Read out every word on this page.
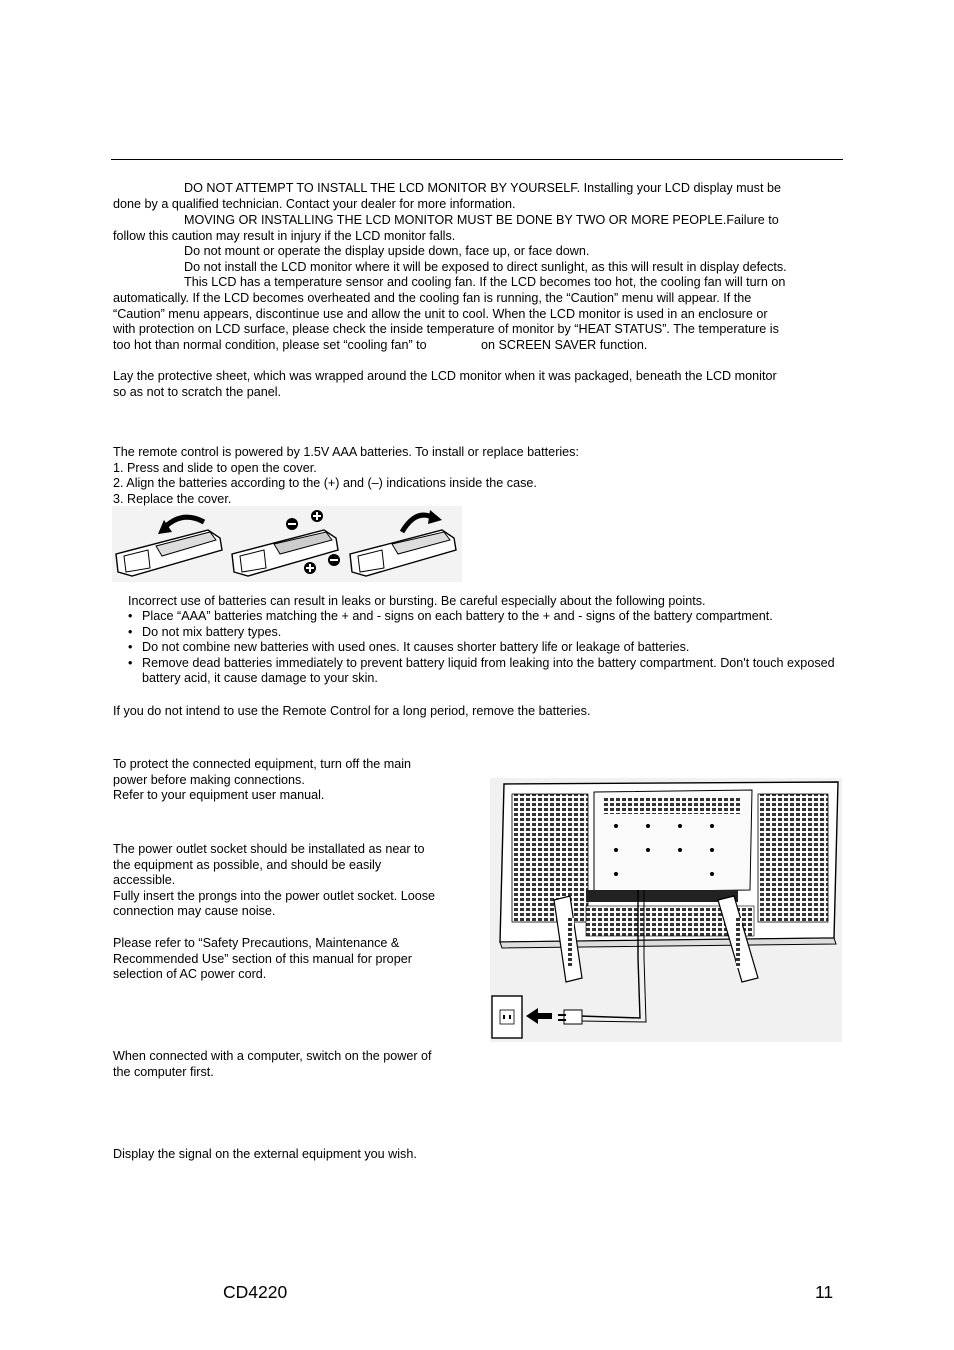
DO NOT ATTEMPT TO INSTALL THE LCD MONITOR BY YOURSELF. Installing your LCD display must be
done by a qualified technician. Contact your dealer for more information.
MOVING OR INSTALLING THE LCD MONITOR MUST BE DONE BY TWO OR MORE PEOPLE.Failure to
follow this caution may result in injury if the LCD monitor falls.
Do not mount or operate the display upside down, face up, or face down.
Do not install the LCD monitor where it will be exposed to direct sunlight, as this will result in display defects.
This LCD has a temperature sensor and cooling fan. If the LCD becomes too hot, the cooling fan will turn on
automatically. If the LCD becomes overheated and the cooling fan is running, the “Caution” menu will appear. If the
“Caution” menu appears, discontinue use and allow the unit to cool. When the LCD monitor is used in an enclosure or
with protection on LCD surface, please check the inside temperature of monitor by “HEAT STATUS”. The temperature is
too hot than normal condition, please set “cooling fan” to	on SCREEN SAVER function.
Lay the protective sheet, which was wrapped around the LCD monitor when it was packaged, beneath the LCD monitor
so as not to scratch the panel.
The remote control is powered by 1.5V AAA batteries. To install or replace batteries:
1. Press and slide to open the cover.
2. Align the batteries according to the (+) and (–) indications inside the case.
3. Replace the cover.
Incorrect use of batteries can result in leaks or bursting. Be careful especially about the following points.
• Place “AAA” batteries matching the + and - signs on each battery to the + and - signs of the battery compartment.
• Do not mix battery types.
• Do not combine new batteries with used ones. It causes shorter battery life or leakage of batteries.
• Remove dead batteries immediately to prevent battery liquid from leaking into the battery compartment. Don't touch exposed battery acid, it cause damage to your skin.
If you do not intend to use the Remote Control for a long period, remove the batteries.
To protect the connected equipment, turn off the main
power before making connections.
Refer to your equipment user manual.
The power outlet socket should be installated as near to
the equipment as possible, and should be easily
accessible.
Fully insert the prongs into the power outlet socket. Loose
connection may cause noise.
Please refer to “Safety Precautions, Maintenance &
Recommended Use” section of this manual for proper
selection of AC power cord.
When connected with a computer, switch on the power of
the computer first.
Display the signal on the external equipment you wish.
CD4220	11
